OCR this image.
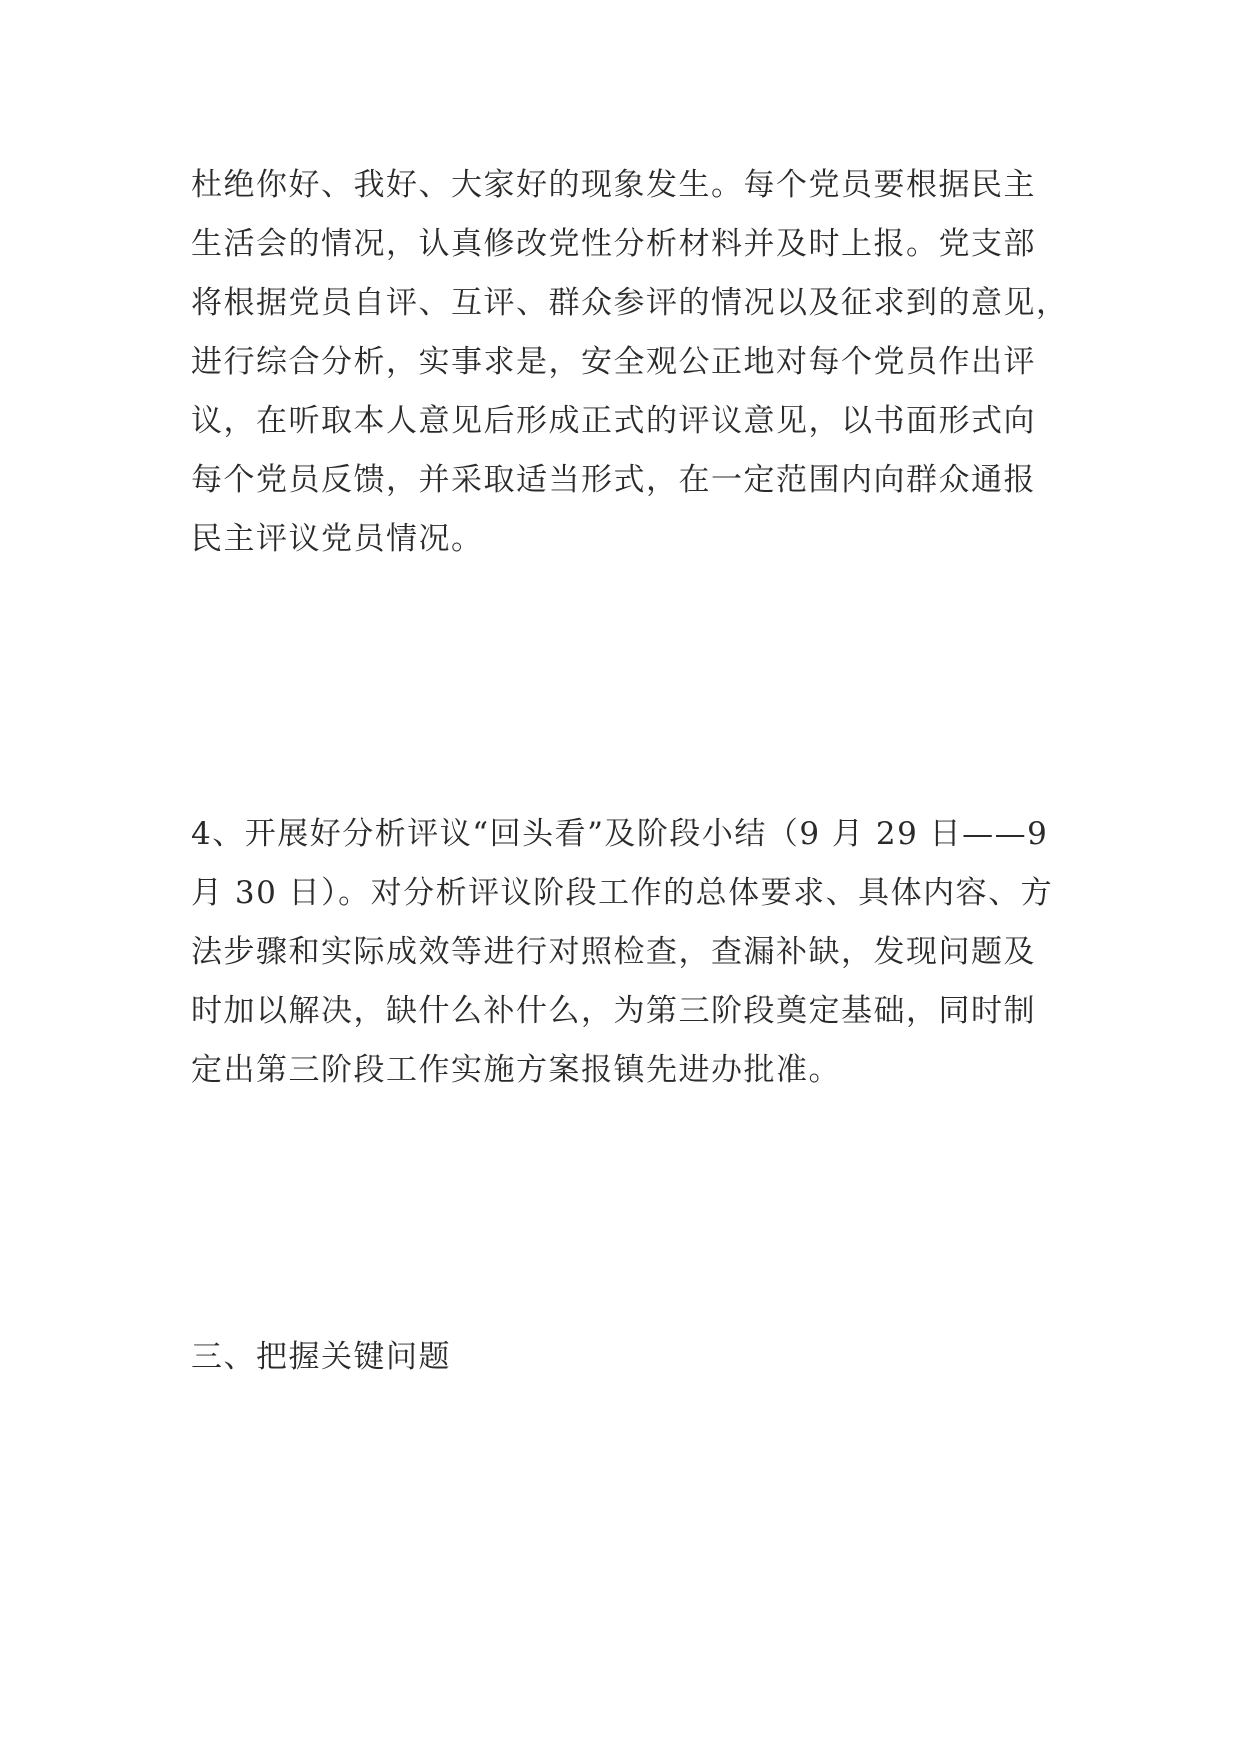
杜绝你好、我好、大家好的现象发生。每个党员要根据民主

生活会的情况，认真修改党性分析材料并及时上报。党支部

将根据党员自评、互评、群众参评的情况以及征求到的意见，

进行综合分析，实事求是，安全观公正地对每个党员作出评

议，在听取本人意见后形成正式的评议意见，以书面形式向

每个党员反馈，并采取适当形式，在一定范围内向群众通报

民主评议党员情况。

4、开展好分析评议“回头看”及阶段小结（9 月 29 日——9

月 30 日）。对分析评议阶段工作的总体要求、具体内容、方

法步骤和实际成效等进行对照检查，查漏补缺，发现问题及

时加以解决，缺什么补什么，为第三阶段奠定基础，同时制

定出第三阶段工作实施方案报镇先进办批准。

三、把握关键问题
